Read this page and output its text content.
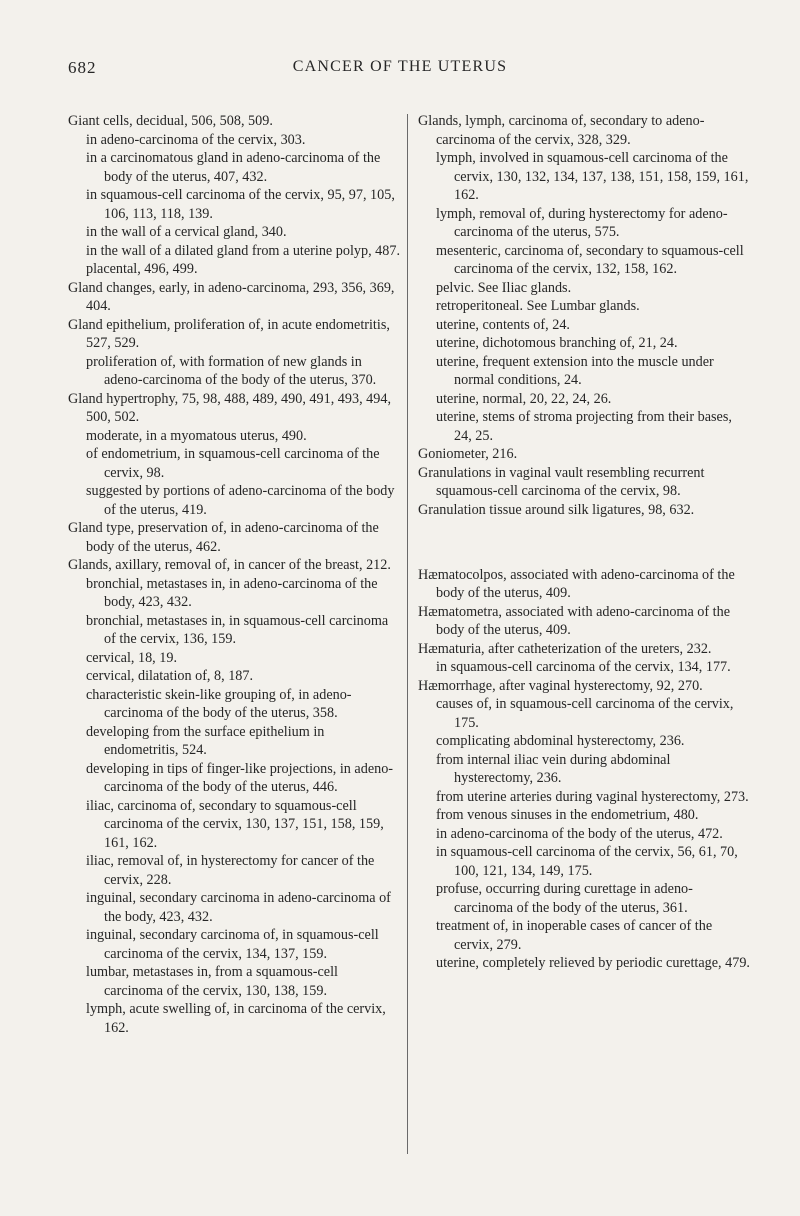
682	CANCER OF THE UTERUS

Giant cells, decidual, 506, 508, 509.

in adeno-carcinoma of the cervix, 303.

in a carcinomatous gland in adeno-carcinoma of the body of the uterus, 407, 432.

in squamous-cell carcinoma of the cervix, 95, 97, 105, 106, 113, 118, 139.

in the wall of a cervical gland, 340.

in the wall of a dilated gland from a uterine polyp, 487.

placental, 496, 499.

Gland changes, early, in adeno-carcinoma, 293, 356, 369, 404.

Gland epithelium, proliferation of, in acute endometritis, 527, 529.

proliferation of, with formation of new glands in adeno-carcinoma of the body of the uterus, 370.

Gland hypertrophy, 75, 98, 488, 489, 490, 491, 493, 494, 500, 502.

moderate, in a myomatous uterus, 490.

of endometrium, in squamous-cell carcinoma of the cervix, 98.

suggested by portions of adeno-carcinoma of the body of the uterus, 419.

Gland type, preservation of, in adeno-carcinoma of the body of the uterus, 462.

Glands, axillary, removal of, in cancer of the breast, 212.

bronchial, metastases in, in adeno-carcinoma of the body, 423, 432.

bronchial, metastases in, in squamous-cell carcinoma of the cervix, 136, 159.

cervical, 18, 19.

cervical, dilatation of, 8, 187.

characteristic skein-like grouping of, in adeno-carcinoma of the body of the uterus, 358.

developing from the surface epithelium in endometritis, 524.

developing in tips of finger-like projections, in adeno-carcinoma of the body of the uterus, 446.

iliac, carcinoma of, secondary to squamous-cell carcinoma of the cervix, 130, 137, 151, 158, 159, 161, 162.

iliac, removal of, in hysterectomy for cancer of the cervix, 228.

inguinal, secondary carcinoma in adeno-carcinoma of the body, 423, 432.

inguinal, secondary carcinoma of, in squamous-cell carcinoma of the cervix, 134, 137, 159.

lumbar, metastases in, from a squamous-cell carcinoma of the cervix, 130, 138, 159.

lymph, acute swelling of, in carcinoma of the cervix, 162.

Glands, lymph, carcinoma of, secondary to adeno-carcinoma of the cervix, 328, 329.

lymph, involved in squamous-cell carcinoma of the cervix, 130, 132, 134, 137, 138, 151, 158, 159, 161, 162.

lymph, removal of, during hysterectomy for adeno-carcinoma of the uterus, 575.

mesenteric, carcinoma of, secondary to squamous-cell carcinoma of the cervix, 132, 158, 162.

pelvic. See Iliac glands.

retroperitoneal. See Lumbar glands.

uterine, contents of, 24.

uterine, dichotomous branching of, 21, 24.

uterine, frequent extension into the muscle under normal conditions, 24.

uterine, normal, 20, 22, 24, 26.

uterine, stems of stroma projecting from their bases, 24, 25.

Goniometer, 216.

Granulations in vaginal vault resembling recurrent squamous-cell carcinoma of the cervix, 98.

Granulation tissue around silk ligatures, 98, 632.

Hæmatocolpos, associated with adeno-carcinoma of the body of the uterus, 409.

Hæmatometra, associated with adeno-carcinoma of the body of the uterus, 409.

Hæmaturia, after catheterization of the ureters, 232.

in squamous-cell carcinoma of the cervix, 134, 177.

Hæmorrhage, after vaginal hysterectomy, 92, 270.

causes of, in squamous-cell carcinoma of the cervix, 175.

complicating abdominal hysterectomy, 236.

from internal iliac vein during abdominal hysterectomy, 236.

from uterine arteries during vaginal hysterectomy, 273.

from venous sinuses in the endometrium, 480.

in adeno-carcinoma of the body of the uterus, 472.

in squamous-cell carcinoma of the cervix, 56, 61, 70, 100, 121, 134, 149, 175.

profuse, occurring during curettage in adeno-carcinoma of the body of the uterus, 361.

treatment of, in inoperable cases of cancer of the cervix, 279.

uterine, completely relieved by periodic curettage, 479.
